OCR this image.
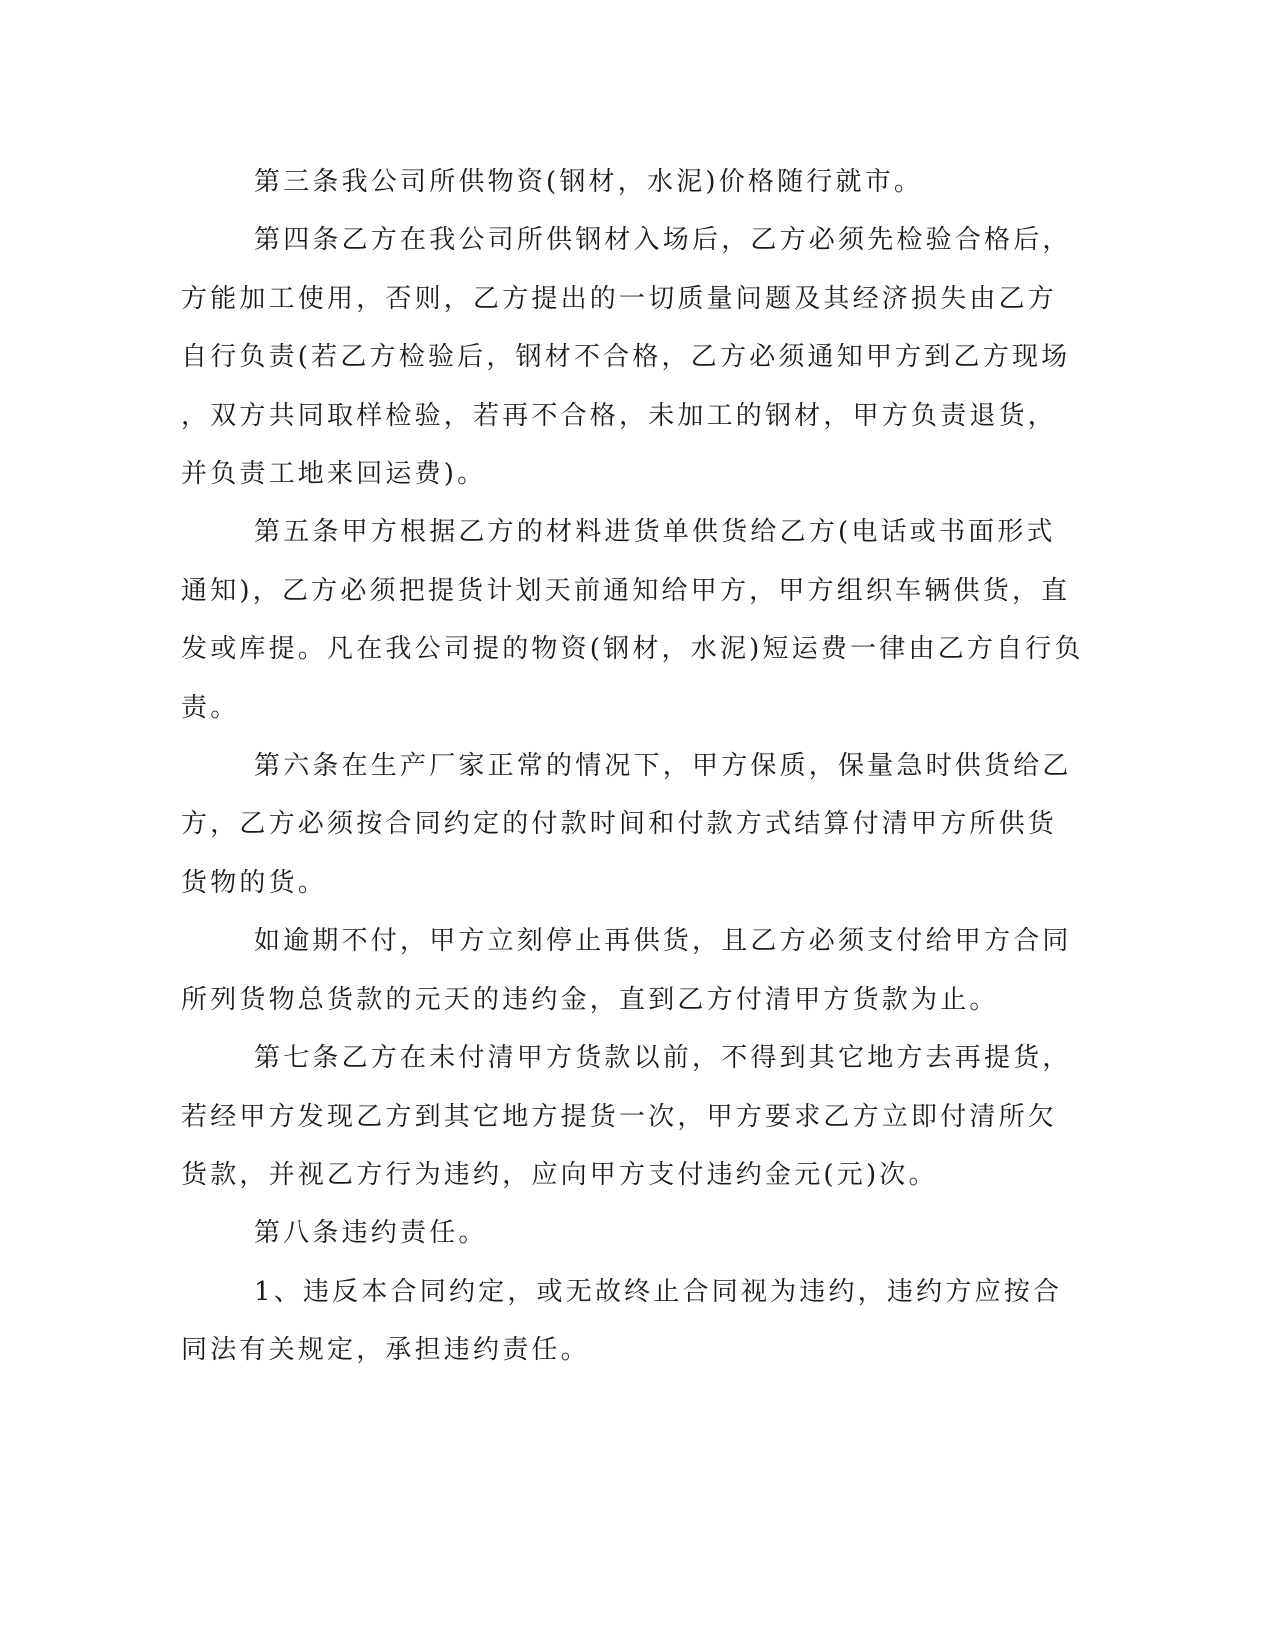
第三条我公司所供物资(钢材，水泥)价格随行就市。
第四条乙方在我公司所供钢材入场后，乙方必须先检验合格后，
方能加工使用，否则，乙方提出的一切质量问题及其经济损失由乙方
自行负责(若乙方检验后，钢材不合格，乙方必须通知甲方到乙方现场
，双方共同取样检验，若再不合格，未加工的钢材，甲方负责退货，
并负责工地来回运费)。
第五条甲方根据乙方的材料进货单供货给乙方(电话或书面形式
通知)，乙方必须把提货计划天前通知给甲方，甲方组织车辆供货，直
发或库提。凡在我公司提的物资(钢材，水泥)短运费一律由乙方自行负
责。
第六条在生产厂家正常的情况下，甲方保质，保量急时供货给乙
方，乙方必须按合同约定的付款时间和付款方式结算付清甲方所供货
货物的货。
如逾期不付，甲方立刻停止再供货，且乙方必须支付给甲方合同
所列货物总货款的元天的违约金，直到乙方付清甲方货款为止。
第七条乙方在未付清甲方货款以前，不得到其它地方去再提货，
若经甲方发现乙方到其它地方提货一次，甲方要求乙方立即付清所欠
货款，并视乙方行为违约，应向甲方支付违约金元(元)次。
第八条违约责任。
1、违反本合同约定，或无故终止合同视为违约，违约方应按合
同法有关规定，承担违约责任。
